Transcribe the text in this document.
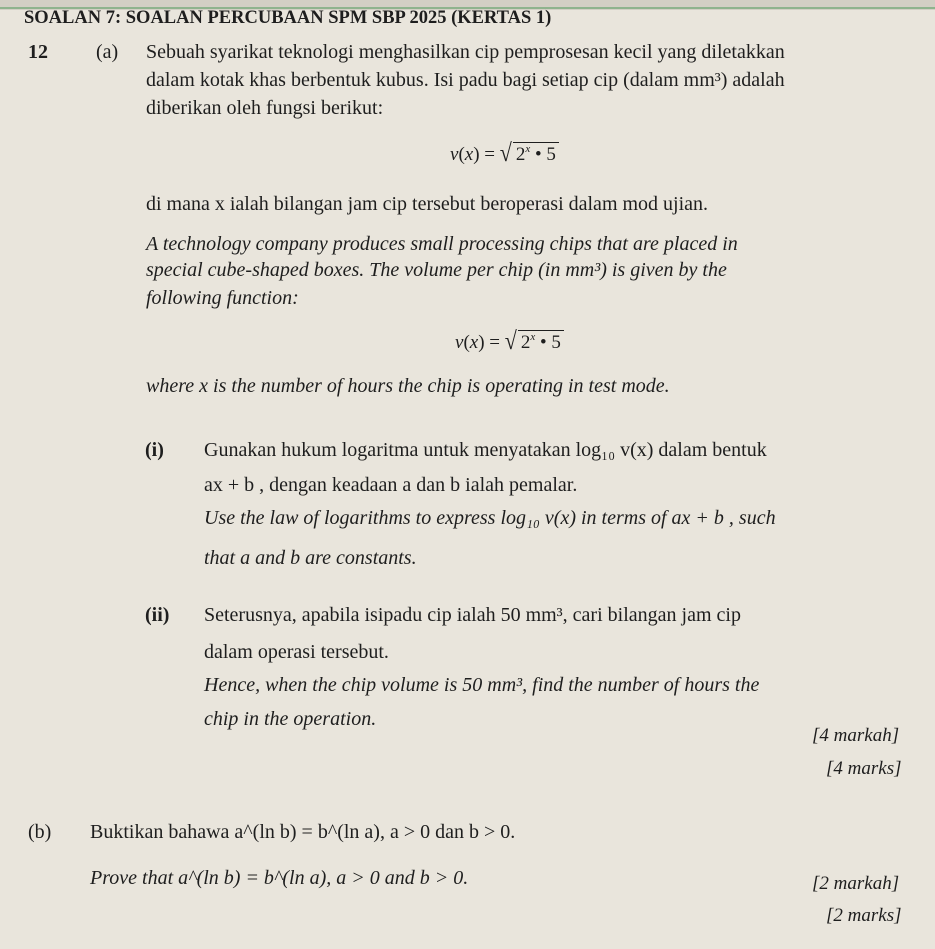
SOALAN 7: SOALAN PERCUBAAN SPM SBP 2025 (KERTAS 1)
12 (a) Sebuah syarikat teknologi menghasilkan cip pemprosesan kecil yang diletakkan
dalam kotak khas berbentuk kubus. Isi padu bagi setiap cip (dalam mm³) adalah
diberikan oleh fungsi berikut:
v(x) = √ 2$^x$ • 5
di mana x ialah bilangan jam cip tersebut beroperasi dalam mod ujian.
A technology company produces small processing chips that are placed in
special cube-shaped boxes. The volume per chip (in mm³) is given by the
following function:
v(x) = √ 2$^x$ • 5
where x is the number of hours the chip is operating in test mode.
(i) Gunakan hukum logaritma untuk menyatakan log₁₀ v(x) dalam bentuk
ax + b , dengan keadaan a dan b ialah pemalar.
Use the law of logarithms to express log₁₀ v(x) in terms of ax + b , such
that a and b are constants.
(ii) Seterusnya, apabila isipadu cip ialah 50 mm³, cari bilangan jam cip
dalam operasi tersebut.
Hence, when the chip volume is 50 mm³, find the number of hours the
chip in the operation.
[4 markah]
[4 marks]
(b) Buktikan bahawa a^(ln b) = b^(ln a), a > 0 dan b > 0.
Prove that a^(ln b) = b^(ln a), a > 0 and b > 0.	[2 markah]
[2 marks]
